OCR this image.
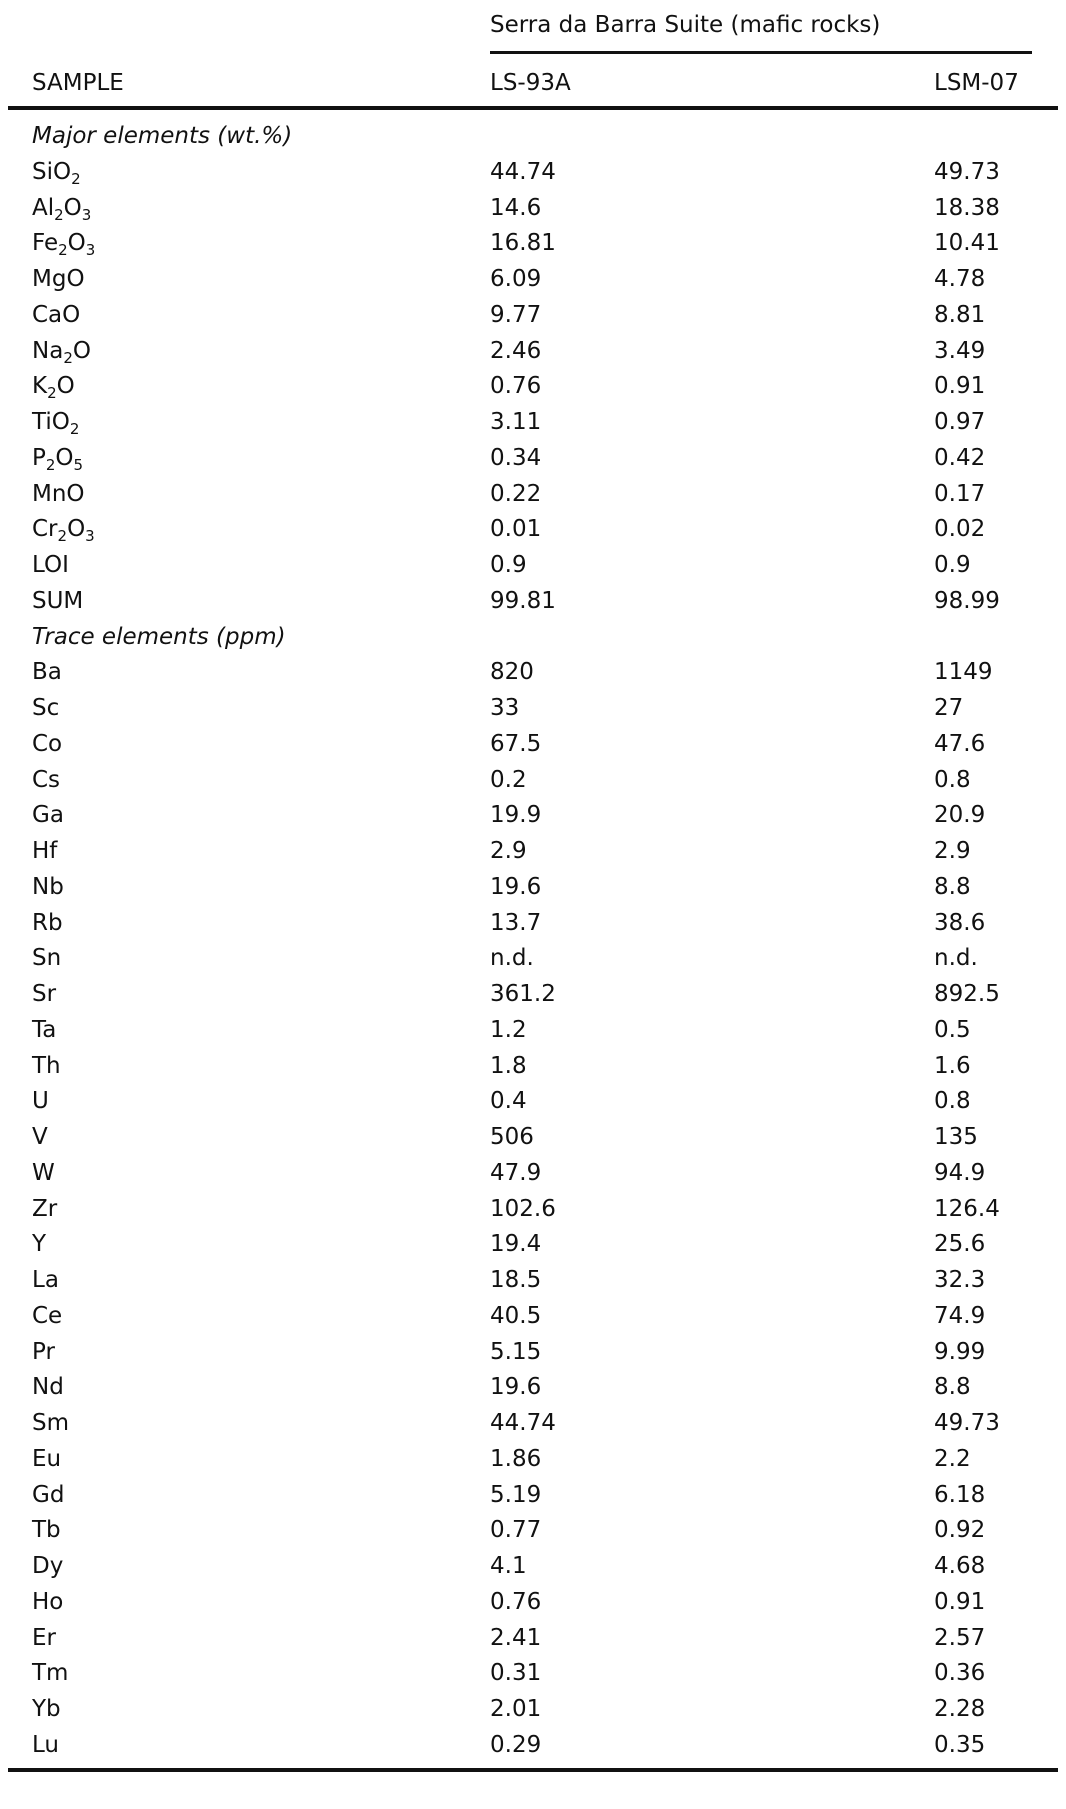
Serra da Barra Suite (mafic rocks)
SAMPLE	LS-93A	LSM-07
Major elements (wt.%)
SiO$_2$	44.74	49.73
$Al_2O_3$	14.6	18.38
$Fe_2O_3$	16.81	10.41
MgO	6.09	4.78
CaO	9.77	8.81
$Na_2O$	2.46	3.49
$K_2O$	0.76	0.91
TiO$_2$	3.11	0.97
$P_2O_5$	0.34	0.42
MnO	0.22	0.17
$Cr_2O_3$	0.01	0.02
LOI	0.9	0.9
SUM	99.81	98.99
Trace elements (ppm)
Ba	820	1149
Sc	33	27
Co	67.5	47.6
Cs	0.2	0.8
Ga	19.9	20.9
Hf	2.9	2.9
Nb	19.6	8.8
Rb	13.7	38.6
Sn	n.d.	n.d.
Sr	361.2	892.5
Ta	1.2	0.5
Th	1.8	1.6
U	0.4	0.8
V	506	135
W	47.9	94.9
Zr	102.6	126.4
Y	19.4	25.6
La	18.5	32.3
Ce	40.5	74.9
Pr	5.15	9.99
Nd	19.6	8.8
Sm	44.74	49.73
Eu	1.86	2.2
Gd	5.19	6.18
Tb	0.77	0.92
Dy	4.1	4.68
Ho	0.76	0.91
Er	2.41	2.57
Tm	0.31	0.36
Yb	2.01	2.28
Lu	0.29	0.35
